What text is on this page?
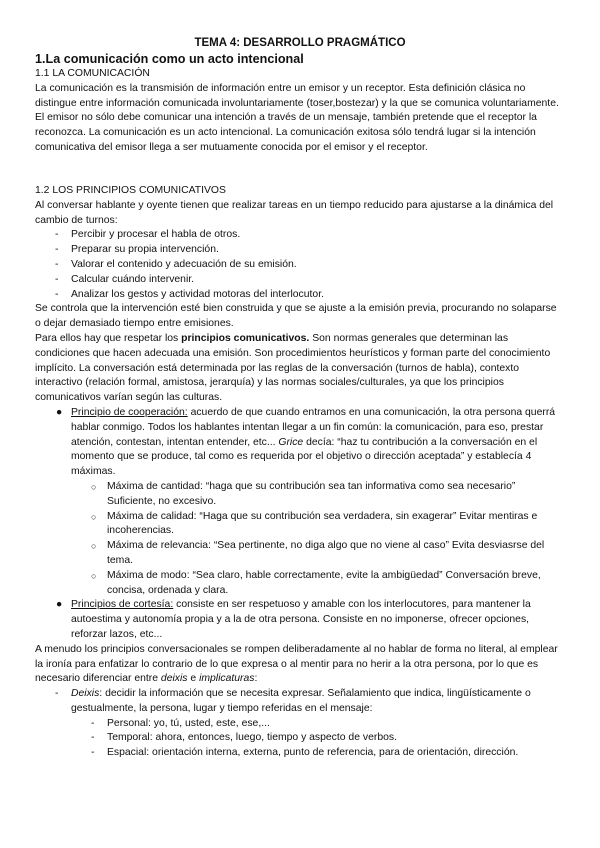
TEMA 4: DESARROLLO PRAGMÁTICO
1.La comunicación como un acto intencional

1.1 LA COMUNICACIÓN

La comunicación es la transmisión de información entre un emisor y un receptor. Esta definición clásica no distingue entre información comunicada involuntariamente (toser,bostezar) y la que se comunica voluntariamente.

El emisor no sólo debe comunicar una intención a través de un mensaje, también pretende que el receptor la reconozca. La comunicación es un acto intencional. La comunicación exitosa sólo tendrá lugar si la intención comunicativa del emisor llega a ser mutuamente conocida por el emisor y el receptor.

1.2 LOS PRINCIPIOS COMUNICATIVOS

Al conversar hablante y oyente tienen que realizar tareas en un tiempo reducido para ajustarse a la dinámica del cambio de turnos:

- Percibir y procesar el habla de otros.
- Preparar su propia intervención.
- Valorar el contenido y adecuación de su emisión.
- Calcular cuándo intervenir.
- Analizar los gestos y actividad motoras del interlocutor.

Se controla que la intervención esté bien construida y que se ajuste a la emisión previa, procurando no solaparse o dejar demasiado tiempo entre emisiones.

Para ellos hay que respetar los principios comunicativos. Son normas generales que determinan las condiciones que hacen adecuada una emisión. Son procedimientos heurísticos y forman parte del conocimiento implícito. La conversación está determinada por las reglas de la conversación (turnos de habla), contexto interactivo (relación formal, amistosa, jerarquía) y las normas sociales/culturales, ya que los principios comunicativos varían según las culturas.

● Principio de cooperación: acuerdo de que cuando entramos en una comunicación, la otra persona querrá hablar conmigo. Todos los hablantes intentan llegar a un fin común: la comunicación, para eso, prestar atención, contestan, intentan entender, etc... Grice decía: “haz tu contribución a la conversación en el momento que se produce, tal como es requerida por el objetivo o dirección aceptada” y establecía 4 máximas.
○ Máxima de cantidad: “haga que su contribución sea tan informativa como sea necesario” Suficiente, no excesivo.
○ Máxima de calidad: “Haga que su contribución sea verdadera, sin exagerar” Evitar mentiras e incoherencias.
○ Máxima de relevancia: “Sea pertinente, no diga algo que no viene al caso” Evita desviasrse del tema.
○ Máxima de modo: “Sea claro, hable correctamente, evite la ambigüedad” Conversación breve, concisa, ordenada y clara.
● Principios de cortesía: consiste en ser respetuoso y amable con los interlocutores, para mantener la autoestima y autonomía propia y a la de otra persona. Consiste en no imponerse, ofrecer opciones, reforzar lazos, etc...

A menudo los principios conversacionales se rompen deliberadamente al no hablar de forma no literal, al emplear la ironía para enfatizar lo contrario de lo que expresa o al mentir para no herir a la otra persona, por lo que es necesario diferenciar entre deixis e implicaturas:

- Deixis: decidir la información que se necesita expresar. Señalamiento que indica, lingüísticamente o gestualmente, la persona, lugar y tiempo referidas en el mensaje:
- Personal: yo, tú, usted, este, ese,...
- Temporal: ahora, entonces, luego, tiempo y aspecto de verbos.
- Espacial: orientación interna, externa, punto de referencia, para de orientación, dirección.
